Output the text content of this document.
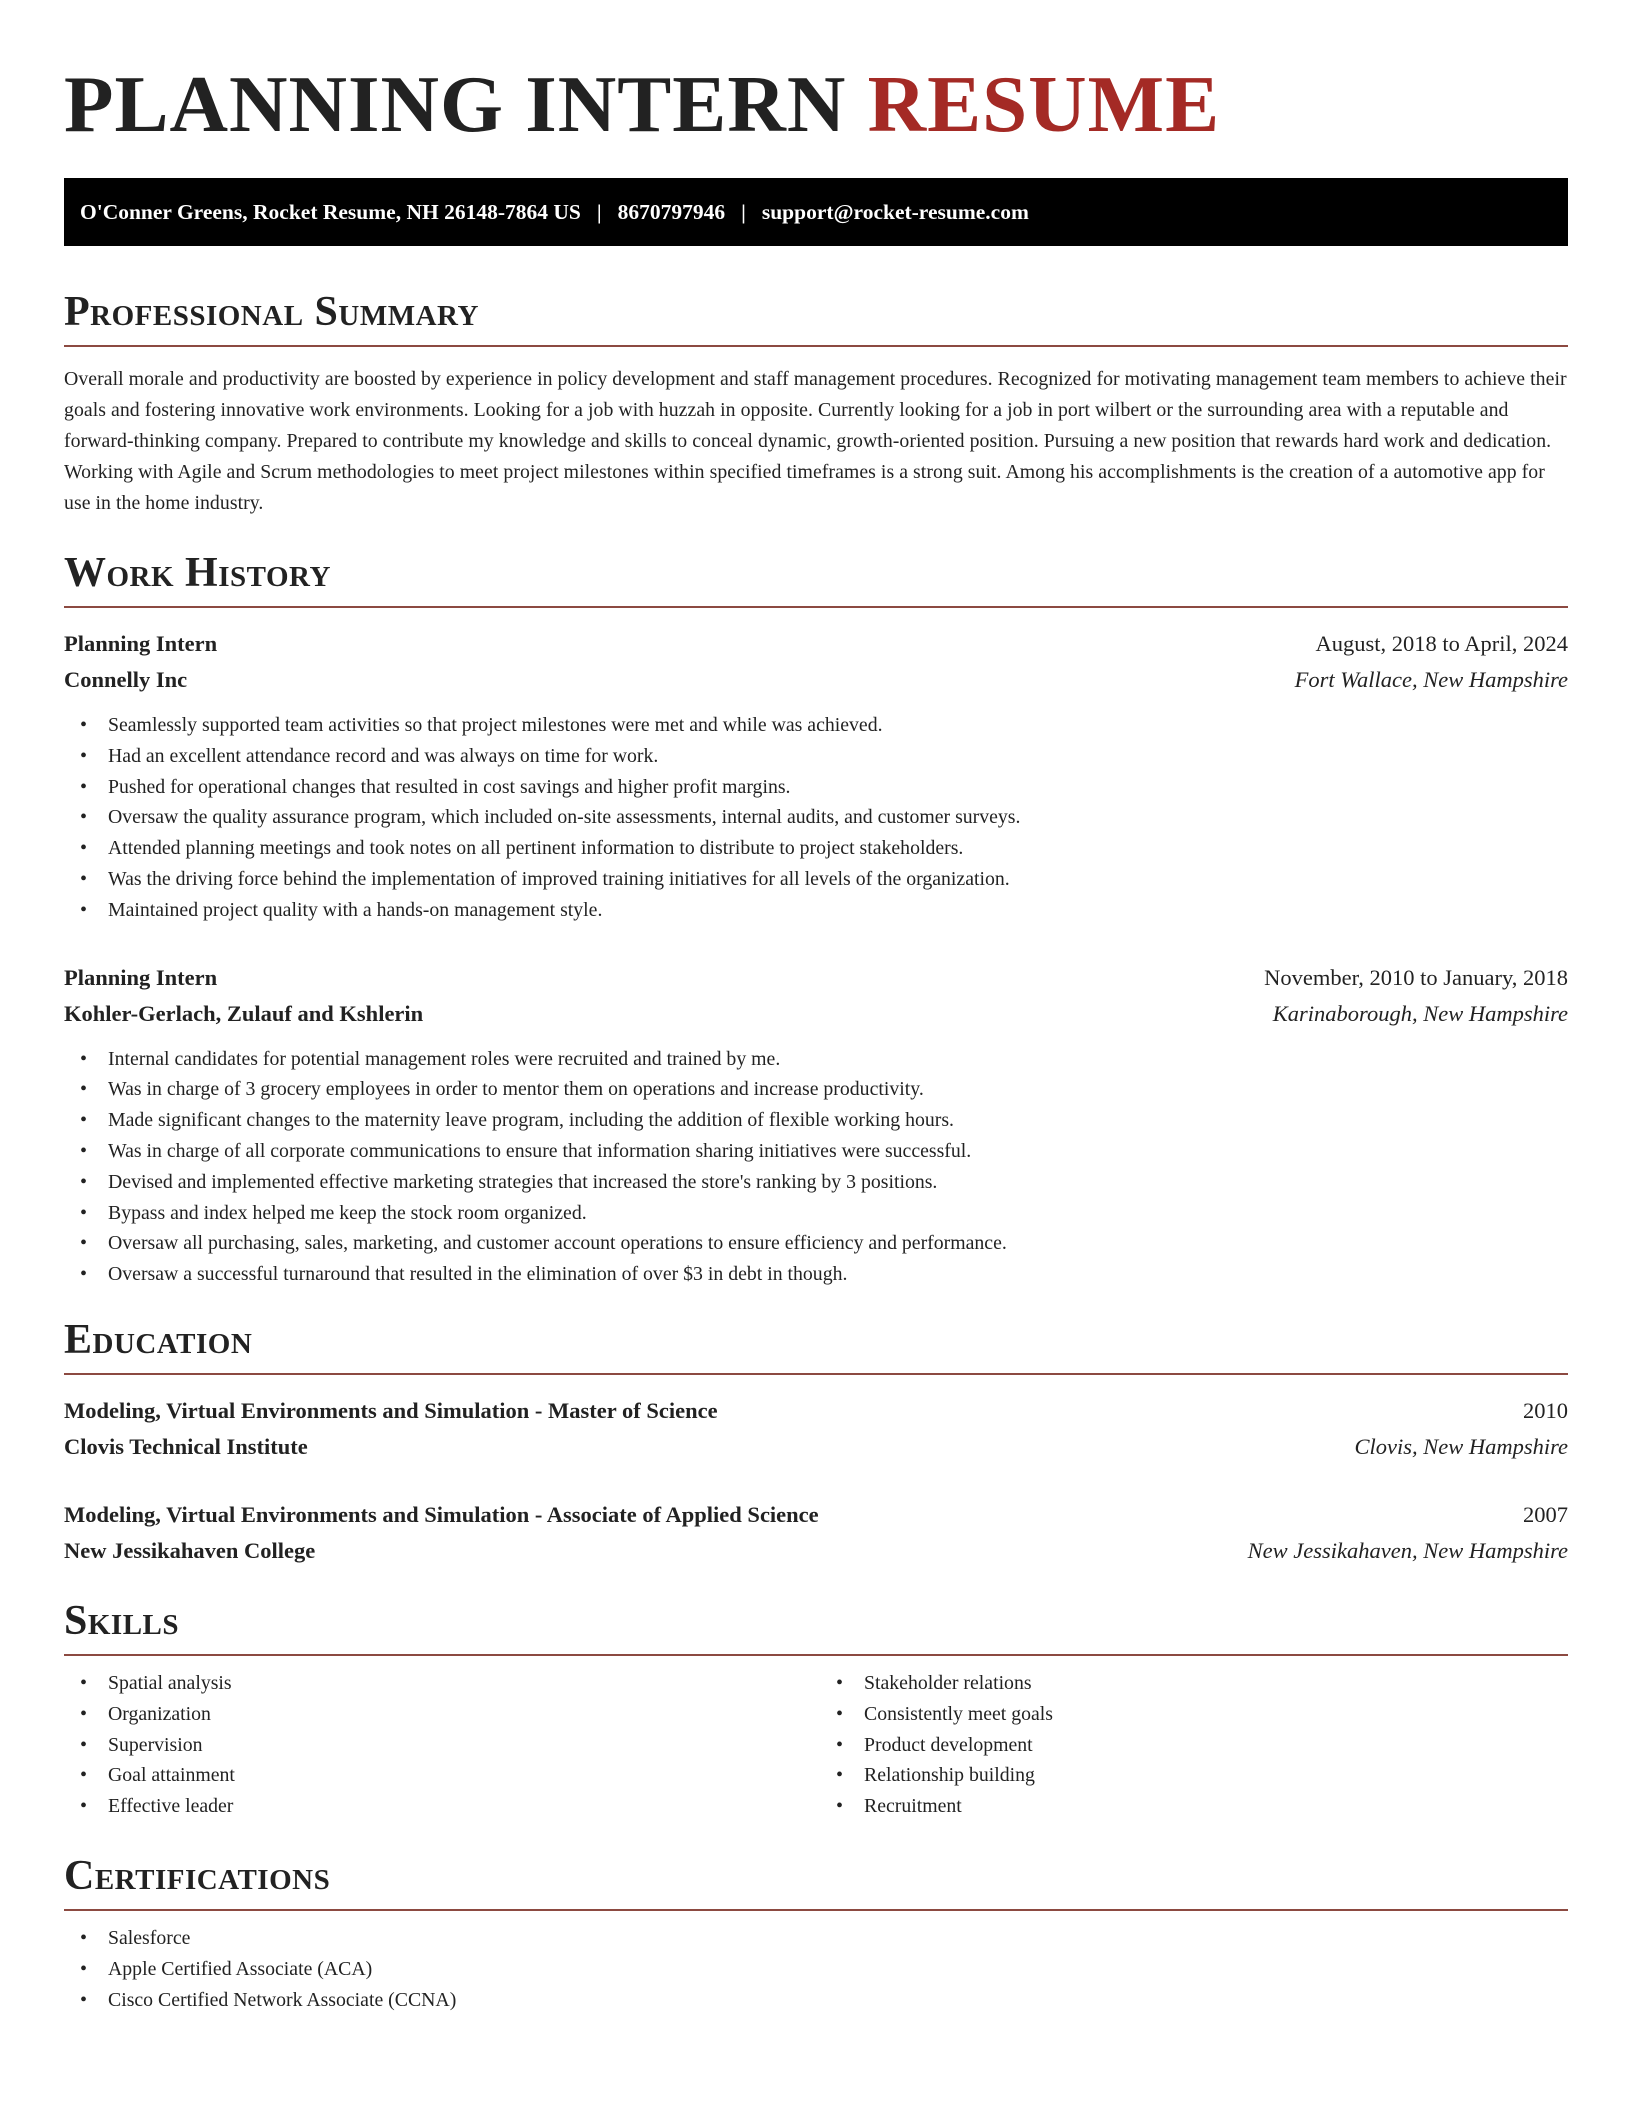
PLANNING INTERN RESUME
O'Conner Greens, Rocket Resume, NH 26148-7864 US | 8670797946 | support@rocket-resume.com
Professional Summary

Overall morale and productivity are boosted by experience in policy development and staff management procedures. Recognized for motivating management team members to achieve their goals and fostering innovative work environments. Looking for a job with huzzah in opposite. Currently looking for a job in port wilbert or the surrounding area with a reputable and forward-thinking company. Prepared to contribute my knowledge and skills to conceal dynamic, growth-oriented position. Pursuing a new position that rewards hard work and dedication. Working with Agile and Scrum methodologies to meet project milestones within specified timeframes is a strong suit. Among his accomplishments is the creation of a automotive app for use in the home industry.

Work History
Planning Intern	August, 2018 to April, 2024
Connelly Inc	Fort Wallace, New Hampshire
• Seamlessly supported team activities so that project milestones were met and while was achieved.
• Had an excellent attendance record and was always on time for work.
• Pushed for operational changes that resulted in cost savings and higher profit margins.
• Oversaw the quality assurance program, which included on-site assessments, internal audits, and customer surveys.
• Attended planning meetings and took notes on all pertinent information to distribute to project stakeholders.
• Was the driving force behind the implementation of improved training initiatives for all levels of the organization.
• Maintained project quality with a hands-on management style.
Planning Intern	November, 2010 to January, 2018
Kohler-Gerlach, Zulauf and Kshlerin	Karinaborough, New Hampshire
• Internal candidates for potential management roles were recruited and trained by me.
• Was in charge of 3 grocery employees in order to mentor them on operations and increase productivity.
• Made significant changes to the maternity leave program, including the addition of flexible working hours.
• Was in charge of all corporate communications to ensure that information sharing initiatives were successful.
• Devised and implemented effective marketing strategies that increased the store's ranking by 3 positions.
• Bypass and index helped me keep the stock room organized.
• Oversaw all purchasing, sales, marketing, and customer account operations to ensure efficiency and performance.
• Oversaw a successful turnaround that resulted in the elimination of over $3 in debt in though.
Education
Modeling, Virtual Environments and Simulation - Master of Science	2010
Clovis Technical Institute	Clovis, New Hampshire
Modeling, Virtual Environments and Simulation - Associate of Applied Science	2007
New Jessikahaven College	New Jessikahaven, New Hampshire
Skills
• Spatial analysis
• Organization
• Supervision
• Goal attainment
• Effective leader
• Stakeholder relations
• Consistently meet goals
• Product development
• Relationship building
• Recruitment
Certifications
• Salesforce
• Apple Certified Associate (ACA)
• Cisco Certified Network Associate (CCNA)
